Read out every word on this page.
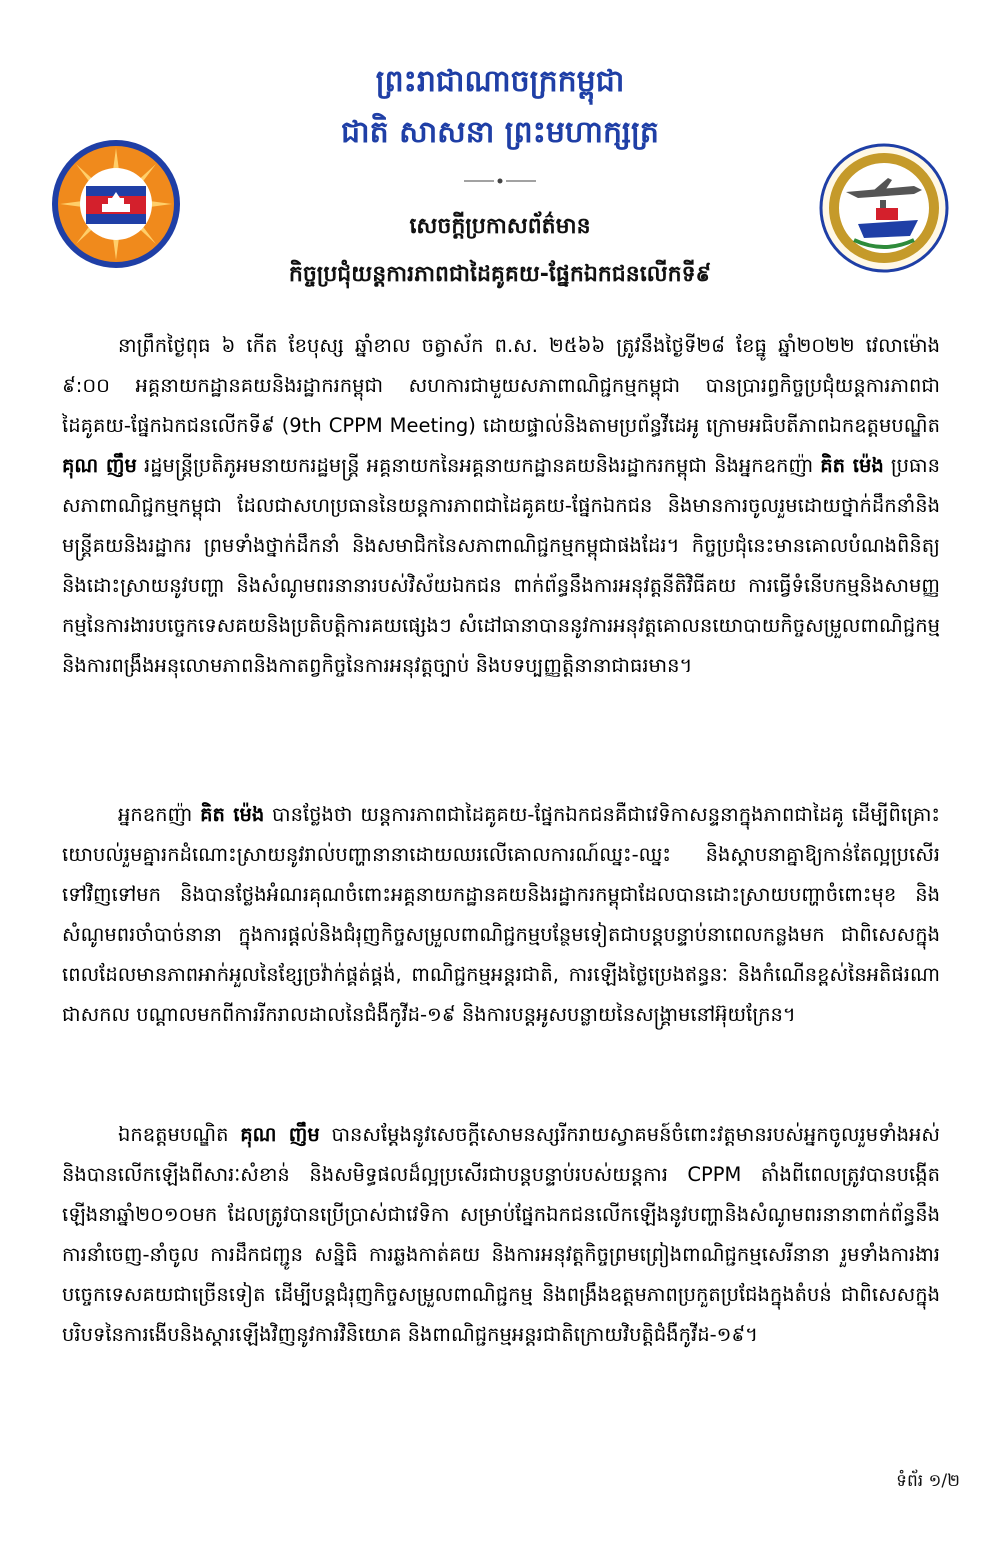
ព្រះរាជាណាចក្រកម្ពុជា
ជាតិ សាសនា ព្រះមហាក្សត្រ
សេចក្តីប្រកាសព័ត៌មាន
កិច្ចប្រជុំយន្តការភាពជាដៃគូគយ-ផ្នែកឯកជនលើកទី៩
នាព្រឹកថ្ងៃពុធ ៦ កើត ខែបុស្ស ឆ្នាំខាល ចត្វាស័ក ព.ស. ២៥៦៦ ត្រូវនឹងថ្ងៃទី២៨ ខែធ្នូ ឆ្នាំ២០២២ វេលាម៉ោង ៩:០០ អគ្គនាយកដ្ឋានគយនិងរដ្ឋាករកម្ពុជា សហការជាមួយសភាពាណិជ្ជកម្មកម្ពុជា បានប្រារព្ធកិច្ចប្រជុំយន្តការភាពជាដៃគូគយ-ផ្នែកឯកជនលើកទី៩ (9th CPPM Meeting) ដោយផ្ទាល់និងតាមប្រព័ន្ធវីដេអូ ក្រោមអធិបតីភាពឯកឧត្តមបណ្ឌិត គុណ ញឹម រដ្ឋមន្ត្រីប្រតិភូអមនាយករដ្ឋមន្ត្រី អគ្គនាយកនៃអគ្គនាយកដ្ឋានគយនិងរដ្ឋាករកម្ពុជា និងអ្នកឧកញ៉ា គិត ម៉េង ប្រធានសភាពាណិជ្ជកម្មកម្ពុជា ដែលជាសហប្រធាននៃយន្តការភាពជាដៃគូគយ-ផ្នែកឯកជន និងមានការចូលរួមដោយថ្នាក់ដឹកនាំនិងមន្ត្រីគយនិងរដ្ឋាករ ព្រមទាំងថ្នាក់ដឹកនាំ និងសមាជិកនៃសភាពាណិជ្ជកម្មកម្ពុជាផងដែរ។ កិច្ចប្រជុំនេះមានគោលបំណងពិនិត្យនិងដោះស្រាយនូវបញ្ហា និងសំណូមពរនានារបស់វិស័យឯកជន ពាក់ព័ន្ធនឹងការអនុវត្តនីតិវិធីគយ ការធ្វើទំនើបកម្មនិងសាមញ្ញកម្មនៃការងារបច្ចេកទេសគយនិងប្រតិបត្តិការគយផ្សេងៗ សំដៅធានាបាននូវការអនុវត្តគោលនយោបាយកិច្ចសម្រួលពាណិជ្ជកម្ម និងការពង្រឹងអនុលោមភាពនិងកាតព្វកិច្ចនៃការអនុវត្តច្បាប់ និងបទប្បញ្ញត្តិនានាជាធរមាន។
អ្នកឧកញ៉ា គិត ម៉េង បានថ្លែងថា យន្តការភាពជាដៃគូគយ-ផ្នែកឯកជនគឺជាវេទិកាសន្ទនាក្នុងភាពជាដៃគូ ដើម្បីពិគ្រោះយោបល់រួមគ្នារកដំណោះស្រាយនូវរាល់បញ្ហានានាដោយឈរលើគោលការណ៍ឈ្នះ-ឈ្នះ និងស្តាបនាគ្នាឱ្យកាន់តែល្អប្រសើរទៅវិញទៅមក និងបានថ្លែងអំណរគុណចំពោះអគ្គនាយកដ្ឋានគយនិងរដ្ឋាករកម្ពុជាដែលបានដោះស្រាយបញ្ហាចំពោះមុខ និងសំណូមពរចាំបាច់នានា ក្នុងការផ្តល់និងជំរុញកិច្ចសម្រួលពាណិជ្ជកម្មបន្ថែមទៀតជាបន្តបន្ទាប់នាពេលកន្លងមក ជាពិសេសក្នុងពេលដែលមានភាពអាក់អួលនៃខ្សែច្រវ៉ាក់ផ្គត់ផ្គង់, ពាណិជ្ជកម្មអន្តរជាតិ, ការឡើងថ្លៃប្រេងឥន្ធនៈ និងកំណើនខ្ពស់នៃអតិផរណាជាសកល បណ្តាលមកពីការរីករាលដាលនៃជំងឺកូវីដ-១៩ និងការបន្តអូសបន្លាយនៃសង្គ្រាមនៅអ៊ុយក្រែន។
ឯកឧត្តមបណ្ឌិត គុណ ញឹម បានសម្តែងនូវសេចក្តីសោមនស្សរីករាយស្វាគមន៍ចំពោះវត្តមានរបស់អ្នកចូលរួមទាំងអស់និងបានលើកឡើងពីសារៈសំខាន់ និងសមិទ្ធផលដ៏ល្អប្រសើរជាបន្តបន្ទាប់របស់យន្តការ CPPM តាំងពីពេលត្រូវបានបង្កើតឡើងនាឆ្នាំ២០១០មក ដែលត្រូវបានប្រើប្រាស់ជាវេទិកា សម្រាប់ផ្នែកឯកជនលើកឡើងនូវបញ្ហានិងសំណូមពរនានាពាក់ព័ន្ធនឹងការនាំចេញ-នាំចូល ការដឹកជញ្ជូន សន្និធិ ការឆ្លងកាត់គយ និងការអនុវត្តកិច្ចព្រមព្រៀងពាណិជ្ជកម្មសេរីនានា រួមទាំងការងារបច្ចេកទេសគយជាច្រើនទៀត ដើម្បីបន្តជំរុញកិច្ចសម្រួលពាណិជ្ជកម្ម និងពង្រឹងឧត្តមភាពប្រកួតប្រជែងក្នុងតំបន់ ជាពិសេសក្នុងបរិបទនៃការងើបនិងស្តារឡើងវិញនូវការវិនិយោគ និងពាណិជ្ជកម្មអន្តរជាតិក្រោយវិបត្តិជំងឺកូវីដ-១៩។
ទំព័រ ១/២
